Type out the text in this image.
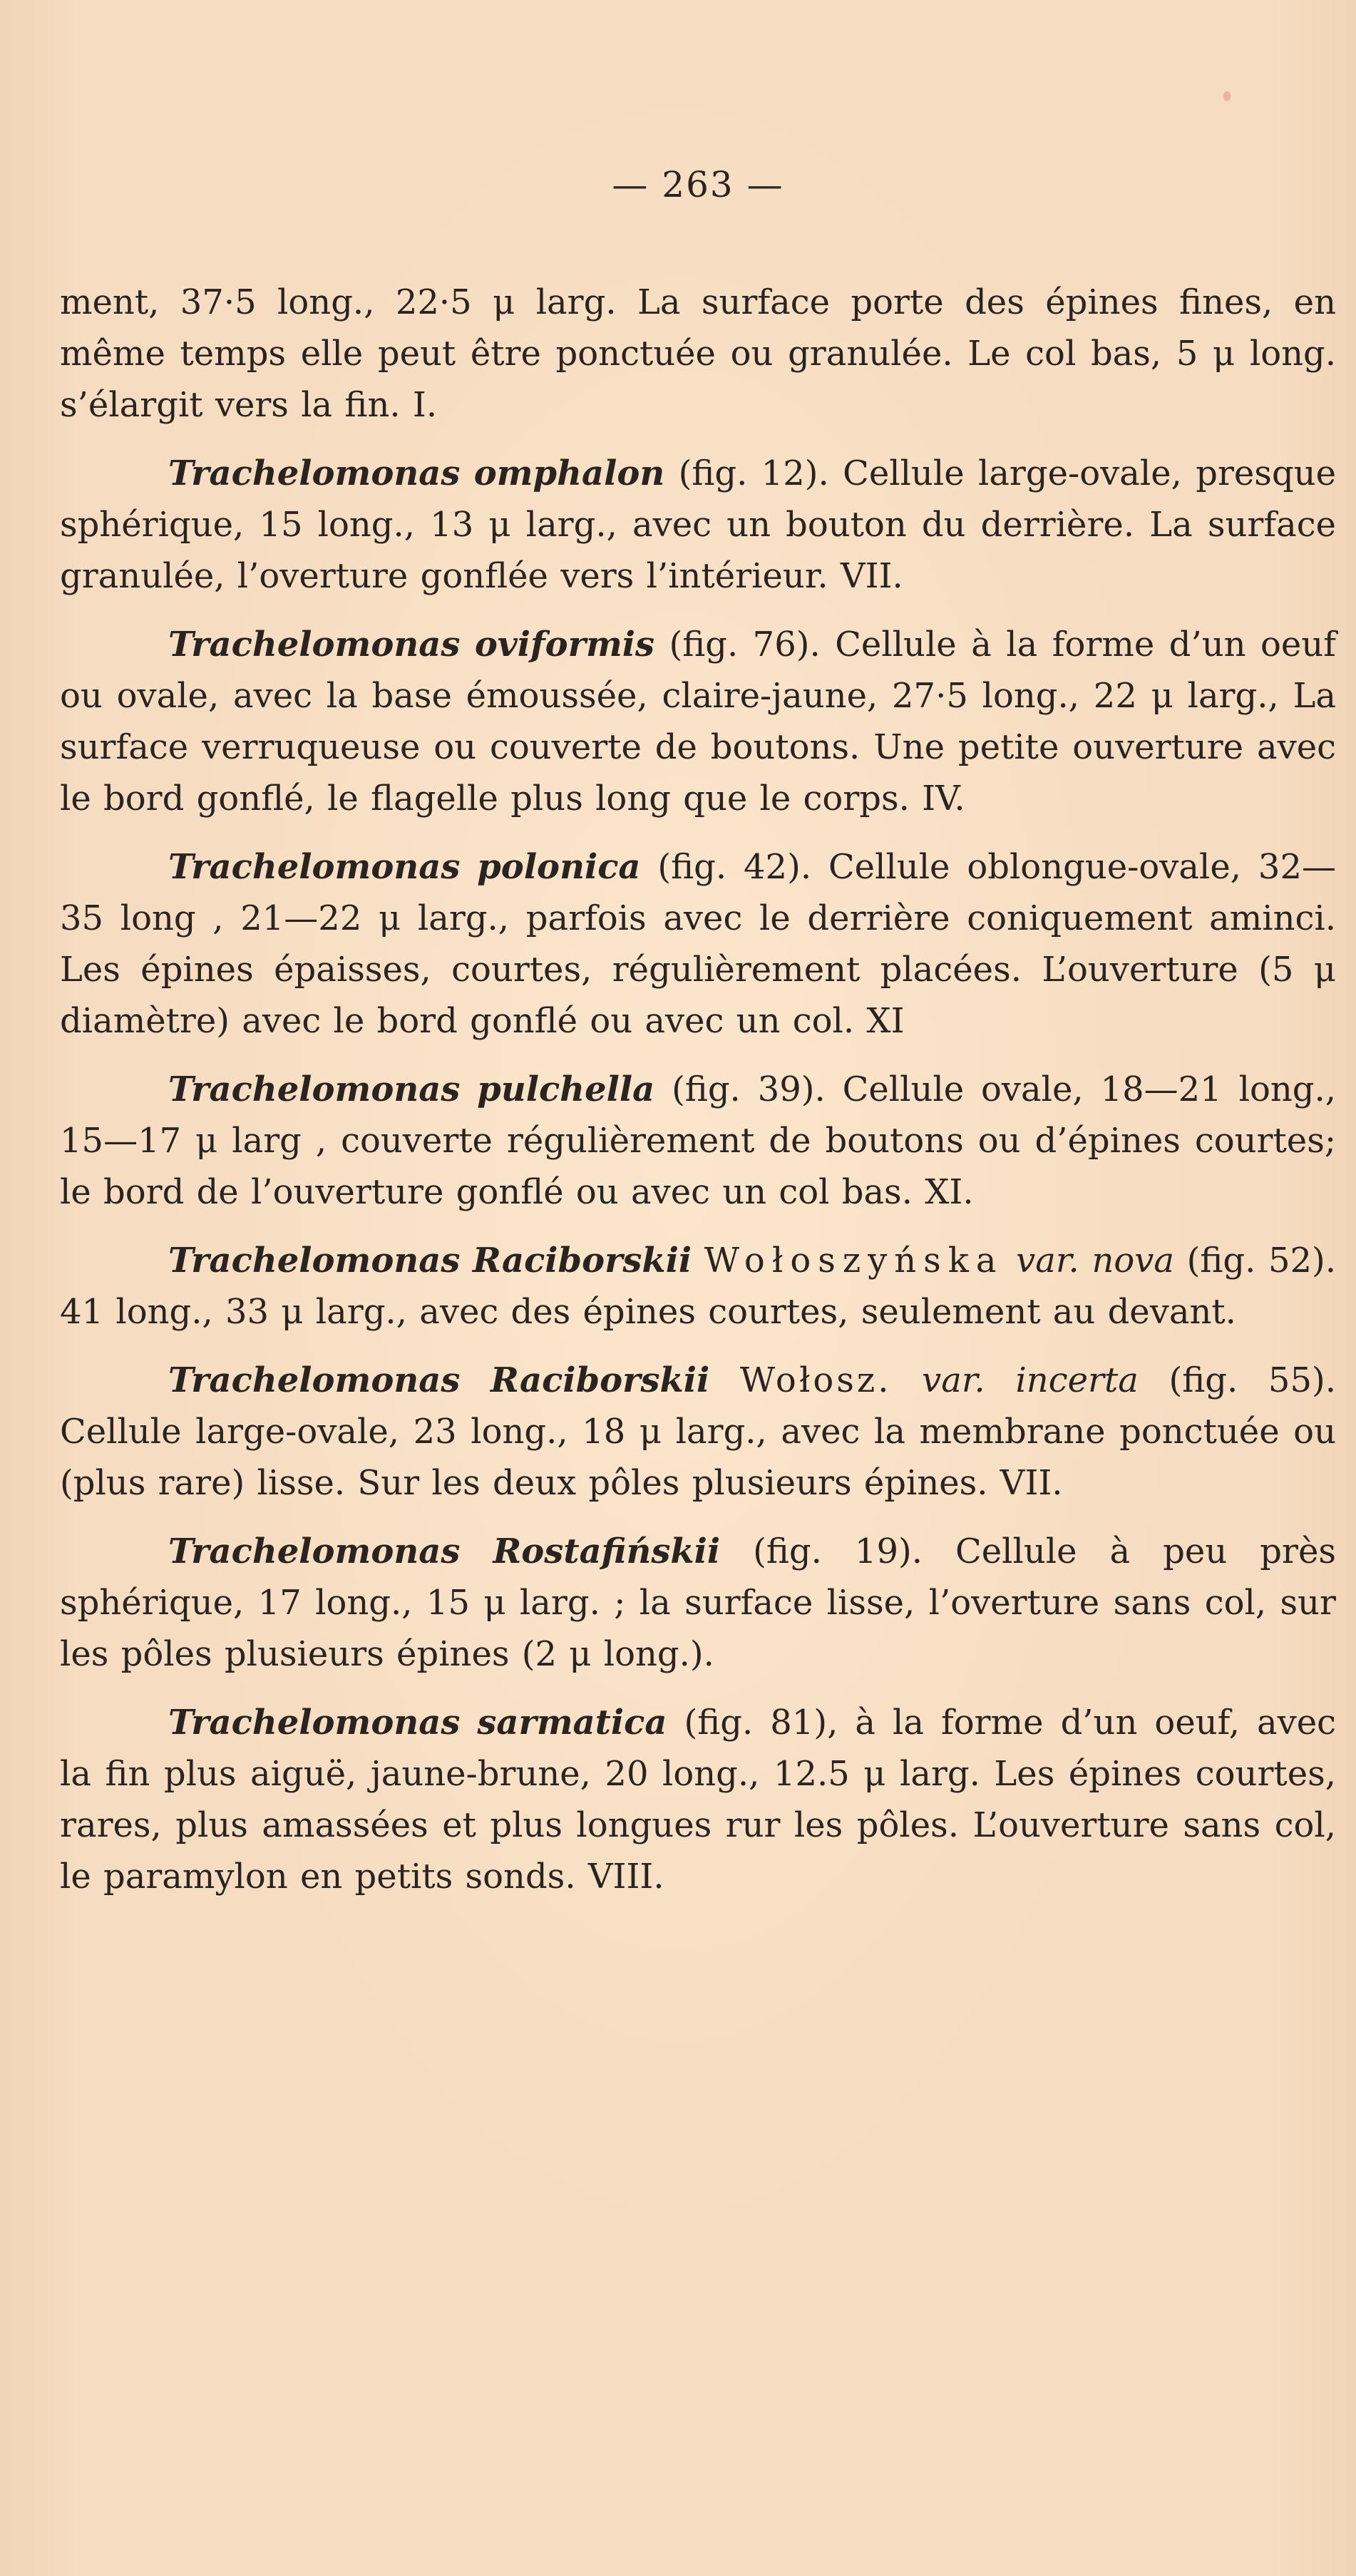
— 263 —

ment, 37·5 long., 22·5 μ larg. La surface porte des épines fines, en même temps elle peut être ponctuée ou granulée. Le col bas, 5 μ long. s’élargit vers la fin. I.

Trachelomonas omphalon (fig. 12). Cellule large-ovale, presque sphérique, 15 long., 13 μ larg., avec un bouton du derrière. La surface granulée, l’overture gonflée vers l’intérieur. VII.

Trachelomonas oviformis (fig. 76). Cellule à la forme d’un oeuf ou ovale, avec la base émoussée, claire-jaune, 27·5 long., 22 μ larg., La surface verruqueuse ou couverte de boutons. Une petite ouverture avec le bord gonflé, le flagelle plus long que le corps. IV.

Trachelomonas polonica (fig. 42). Cellule oblongue-ovale, 32—35 long , 21—22 μ larg., parfois avec le derrière coniquement aminci. Les épines épaisses, courtes, régulièrement placées. L’ouverture (5 μ diamètre) avec le bord gonflé ou avec un col. XI

Trachelomonas pulchella (fig. 39). Cellule ovale, 18—21 long., 15—17 μ larg , couverte régulièrement de boutons ou d’épines courtes; le bord de l’ouverture gonflé ou avec un col bas. XI.

Trachelomonas Raciborskii Wołoszyńska var. nova (fig. 52). 41 long., 33 μ larg., avec des épines courtes, seulement au devant.

Trachelomonas Raciborskii Wołosz. var. incerta (fig. 55). Cellule large-ovale, 23 long., 18 μ larg., avec la membrane ponctuée ou (plus rare) lisse. Sur les deux pôles plusieurs épines. VII.

Trachelomonas Rostafińskii (fig. 19). Cellule à peu près sphérique, 17 long., 15 μ larg. ; la surface lisse, l’overture sans col, sur les pôles plusieurs épines (2 μ long.).

Trachelomonas sarmatica (fig. 81), à la forme d’un oeuf, avec la fin plus aiguë, jaune-brune, 20 long., 12.5 μ larg. Les épines courtes, rares, plus amassées et plus longues rur les pôles. L’ouverture sans col, le paramylon en petits sonds. VIII.
